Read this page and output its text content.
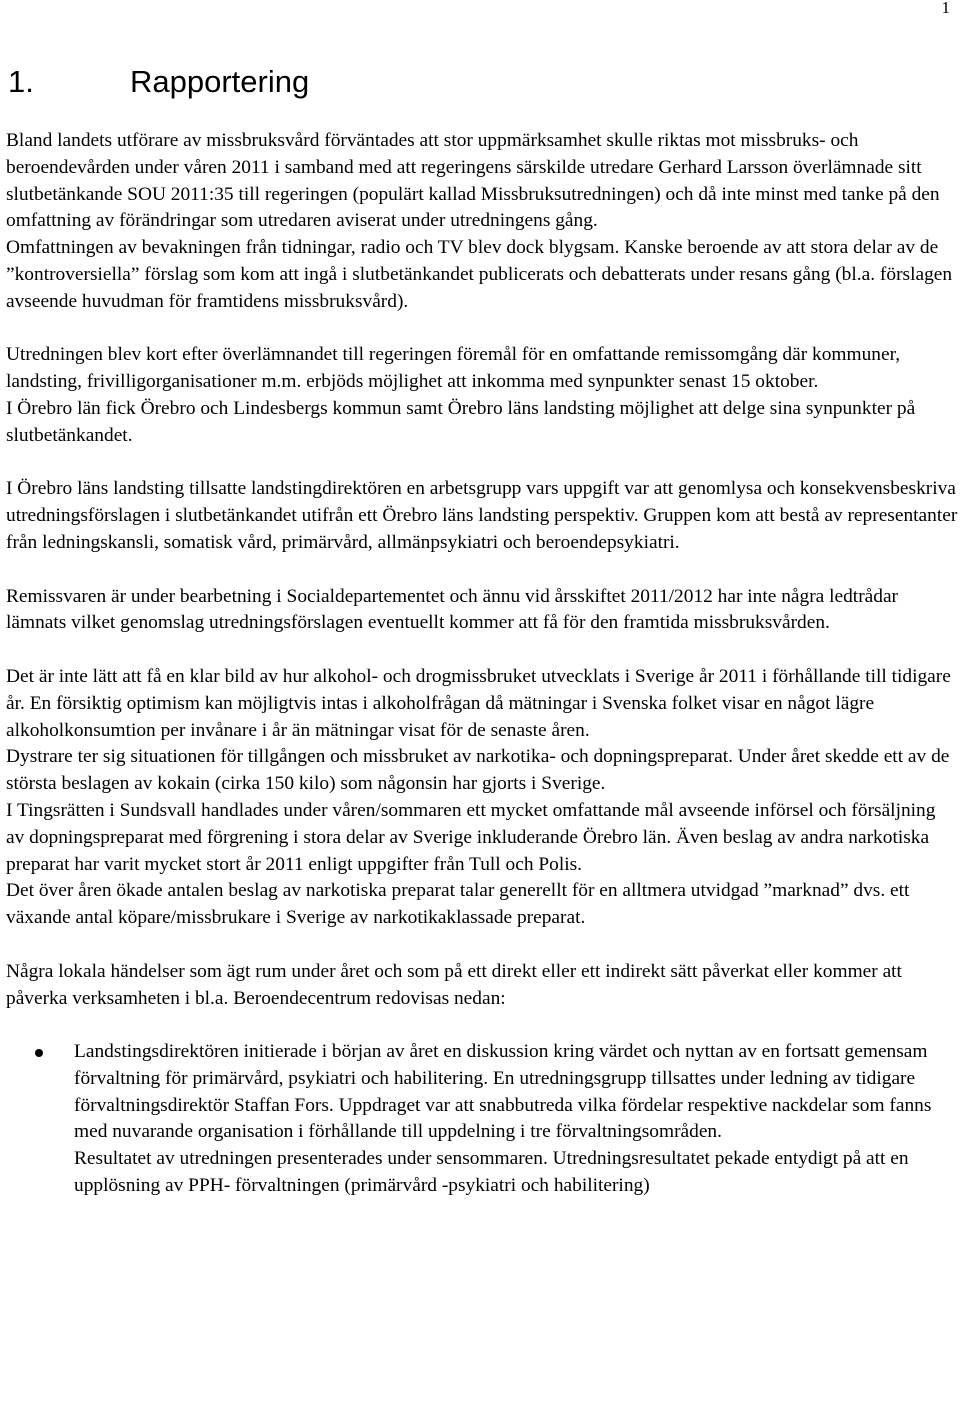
1
1.	Rapportering

Bland landets utförare av missbruksvård förväntades att stor uppmärksamhet skulle riktas mot missbruks- och beroendevården under våren 2011 i samband med att regeringens särskilde utredare Gerhard Larsson överlämnade sitt slutbetänkande SOU 2011:35 till regeringen (populärt kallad Missbruksutredningen) och då inte minst med tanke på den omfattning av förändringar som utredaren aviserat under utredningens gång.

Omfattningen av bevakningen från tidningar, radio och TV blev dock blygsam. Kanske beroende av att stora delar av de ”kontroversiella” förslag som kom att ingå i slutbetänkandet publicerats och debatterats under resans gång (bl.a. förslagen avseende huvudman för framtidens missbruksvård).

Utredningen blev kort efter överlämnandet till regeringen föremål för en omfattande remissomgång där kommuner, landsting, frivilligorganisationer m.m. erbjöds möjlighet att inkomma med synpunkter senast 15 oktober.

I Örebro län fick Örebro och Lindesbergs kommun samt Örebro läns landsting möjlighet att delge sina synpunkter på slutbetänkandet.

I Örebro läns landsting tillsatte landstingdirektören en arbetsgrupp vars uppgift var att genomlysa och konsekvensbeskriva utredningsförslagen i slutbetänkandet utifrån ett Örebro läns landsting perspektiv. Gruppen kom att bestå av representanter från ledningskansli, somatisk vård, primärvård, allmänpsykiatri och beroendepsykiatri.

Remissvaren är under bearbetning i Socialdepartementet och ännu vid årsskiftet 2011/2012 har inte några ledtrådar lämnats vilket genomslag utredningsförslagen eventuellt kommer att få för den framtida missbruksvården.

Det är inte lätt att få en klar bild av hur alkohol- och drogmissbruket utvecklats i Sverige år 2011 i förhållande till tidigare år. En försiktig optimism kan möjligtvis intas i alkoholfrågan då mätningar i Svenska folket visar en något lägre alkoholkonsumtion per invånare i år än mätningar visat för de senaste åren.

Dystrare ter sig situationen för tillgången och missbruket av narkotika- och dopningspreparat. Under året skedde ett av de största beslagen av kokain (cirka 150 kilo) som någonsin har gjorts i Sverige.

I Tingsrätten i Sundsvall handlades under våren/sommaren ett mycket omfattande mål avseende införsel och försäljning av dopningspreparat med förgrening i stora delar av Sverige inkluderande Örebro län. Även beslag av andra narkotiska preparat har varit mycket stort år 2011 enligt uppgifter från Tull och Polis.

Det över åren ökade antalen beslag av narkotiska preparat talar generellt för en alltmera utvidgad ”marknad” dvs. ett växande antal köpare/missbrukare i Sverige av narkotikaklassade preparat.

Några lokala händelser som ägt rum under året och som på ett direkt eller ett indirekt sätt påverkat eller kommer att påverka verksamheten i bl.a. Beroendecentrum redovisas nedan:

Landstingsdirektören initierade i början av året en diskussion kring värdet och nyttan av en fortsatt gemensam förvaltning för primärvård, psykiatri och habilitering. En utredningsgrupp tillsattes under ledning av tidigare förvaltningsdirektör Staffan Fors. Uppdraget var att snabbutreda vilka fördelar respektive nackdelar som fanns med nuvarande organisation i förhållande till uppdelning i tre förvaltningsområden.

Resultatet av utredningen presenterades under sensommaren. Utredningsresultatet pekade entydigt på att en upplösning av PPH- förvaltningen (primärvård -psykiatri och habilitering)
